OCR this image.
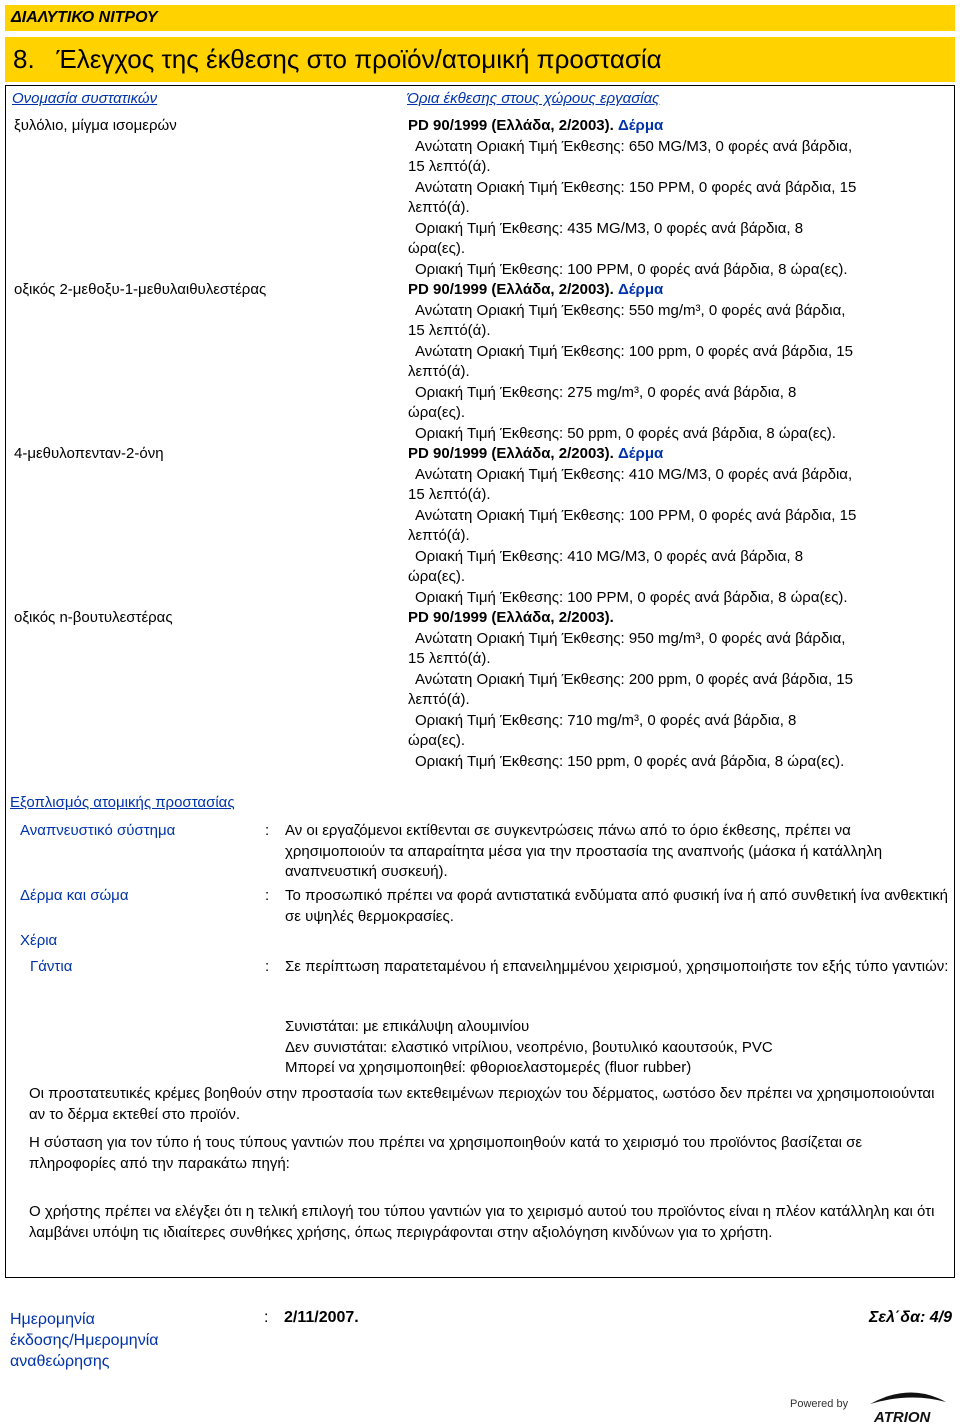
ΔΙΑΛΥΤΙΚΟ ΝΙΤΡΟΥ
8. Έλεγχος της έκθεσης στο προϊόν/ατομική προστασία
Ονομασία συστατικών	Όρια έκθεσης στους χώρους εργασίας
ξυλόλιο, μίγμα ισομερών	PD 90/1999 (Ελλάδα, 2/2003). Δέρμα
Ανώτατη Οριακή Τιμή Έκθεσης: 650 MG/M3, 0 φορές ανά βάρδια,
15 λεπτό(ά).
Ανώτατη Οριακή Τιμή Έκθεσης: 150 PPM, 0 φορές ανά βάρδια, 15
λεπτό(ά).
Οριακή Τιμή Έκθεσης: 435 MG/M3, 0 φορές ανά βάρδια, 8
ώρα(ες).
Οριακή Τιμή Έκθεσης: 100 PPM, 0 φορές ανά βάρδια, 8 ώρα(ες).
οξικός 2-μεθοξυ-1-μεθυλαιθυλεστέρας	PD 90/1999 (Ελλάδα, 2/2003). Δέρμα
Ανώτατη Οριακή Τιμή Έκθεσης: 550 mg/m³, 0 φορές ανά βάρδια,
15 λεπτό(ά).
Ανώτατη Οριακή Τιμή Έκθεσης: 100 ppm, 0 φορές ανά βάρδια, 15
λεπτό(ά).
Οριακή Τιμή Έκθεσης: 275 mg/m³, 0 φορές ανά βάρδια, 8
ώρα(ες).
Οριακή Τιμή Έκθεσης: 50 ppm, 0 φορές ανά βάρδια, 8 ώρα(ες).
4-μεθυλοπενταν-2-όνη	PD 90/1999 (Ελλάδα, 2/2003). Δέρμα
Ανώτατη Οριακή Τιμή Έκθεσης: 410 MG/M3, 0 φορές ανά βάρδια,
15 λεπτό(ά).
Ανώτατη Οριακή Τιμή Έκθεσης: 100 PPM, 0 φορές ανά βάρδια, 15
λεπτό(ά).
Οριακή Τιμή Έκθεσης: 410 MG/M3, 0 φορές ανά βάρδια, 8
ώρα(ες).
Οριακή Τιμή Έκθεσης: 100 PPM, 0 φορές ανά βάρδια, 8 ώρα(ες).
οξικός n-βουτυλεστέρας	PD 90/1999 (Ελλάδα, 2/2003).
Ανώτατη Οριακή Τιμή Έκθεσης: 950 mg/m³, 0 φορές ανά βάρδια,
15 λεπτό(ά).
Ανώτατη Οριακή Τιμή Έκθεσης: 200 ppm, 0 φορές ανά βάρδια, 15
λεπτό(ά).
Οριακή Τιμή Έκθεσης: 710 mg/m³, 0 φορές ανά βάρδια, 8
ώρα(ες).
Οριακή Τιμή Έκθεσης: 150 ppm, 0 φορές ανά βάρδια, 8 ώρα(ες).
Εξοπλισμός ατομικής προστασίας
Αναπνευστικό σύστημα	: Αν οι εργαζόμενοι εκτίθενται σε συγκεντρώσεις πάνω από το όριο έκθεσης, πρέπει να χρησιμοποιούν τα απαραίτητα μέσα για την προστασία της αναπνοής (μάσκα ή κατάλληλη αναπνευστική συσκευή).
Δέρμα και σώμα	: Το προσωπικό πρέπει να φορά αντιστατικά ενδύματα από φυσική ίνα ή από συνθετική ίνα ανθεκτική σε υψηλές θερμοκρασίες.
Χέρια
Γάντια	: Σε περίπτωση παρατεταμένου ή επανειλημμένου χειρισμού, χρησιμοποιήστε τον εξής τύπο γαντιών:
Συνιστάται: με επικάλυψη αλουμινίου
Δεν συνιστάται: ελαστικό νιτρίλιου, νεοπρένιο, βουτυλικό καουτσούκ, PVC
Μπορεί να χρησιμοποιηθεί: φθοριοελαστομερές (fluor rubber)
Οι προστατευτικές κρέμες βοηθούν στην προστασία των εκτεθειμένων περιοχών του δέρματος, ωστόσο δεν πρέπει να χρησιμοποιούνται αν το δέρμα εκτεθεί στο προϊόν.
Η σύσταση για τον τύπο ή τους τύπους γαντιών που πρέπει να χρησιμοποιηθούν κατά το χειρισμό του προϊόντος βασίζεται σε πληροφορίες από την παρακάτω πηγή:
Ο χρήστης πρέπει να ελέγξει ότι η τελική επιλογή του τύπου γαντιών για το χειρισμό αυτού του προϊόντος είναι η πλέον κατάλληλη και ότι λαμβάνει υπόψη τις ιδιαίτερες συνθήκες χρήσης, όπως περιγράφονται στην αξιολόγηση κινδύνων για το χρήστη.
Ημερομηνία
έκδοσης/Ημερομηνία
αναθεώρησης
: 2/11/2007.	Σελ΄δα: 4/9
Powered by
ATRION
